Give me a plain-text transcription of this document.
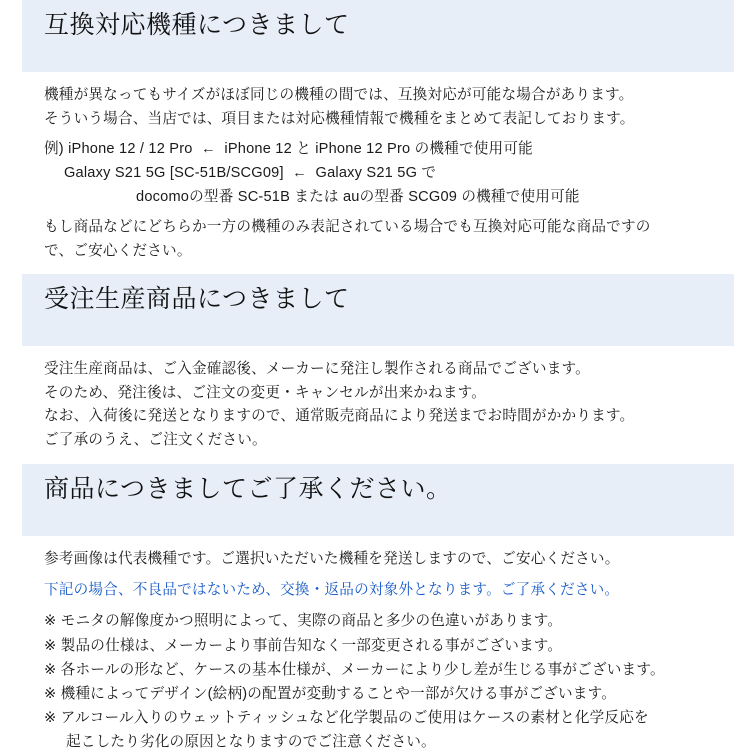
互換対応機種につきまして

機種が異なってもサイズがほぼ同じの機種の間では、互換対応が可能な場合があります。

そういう場合、当店では、項目または対応機種情報で機種をまとめて表記しております。

例) iPhone 12 / 12 Pro  ←  iPhone 12 と iPhone 12 Pro の機種で使用可能

Galaxy S21 5G [SC-51B/SCG09]  ←  Galaxy S21 5G で

docomoの型番 SC-51B または auの型番 SCG09 の機種で使用可能

もし商品などにどちらか一方の機種のみ表記されている場合でも互換対応可能な商品ですの

で、ご安心ください。

受注生産商品につきまして

受注生産商品は、ご入金確認後、メーカーに発注し製作される商品でございます。

そのため、発注後は、ご注文の変更・キャンセルが出来かねます。

なお、入荷後に発送となりますので、通常販売商品により発送までお時間がかかります。

ご了承のうえ、ご注文ください。

商品につきましてご了承ください。

参考画像は代表機種です。ご選択いただいた機種を発送しますので、ご安心ください。

下記の場合、不良品ではないため、交換・返品の対象外となります。ご了承ください。

※ モニタの解像度かつ照明によって、実際の商品と多少の色違いがあります。

※ 製品の仕様は、メーカーより事前告知なく一部変更される事がございます。

※ 各ホールの形など、ケースの基本仕様が、メーカーにより少し差が生じる事がございます。

※ 機種によってデザイン(絵柄)の配置が変動することや一部が欠ける事がございます。

※ アルコール入りのウェットティッシュなど化学製品のご使用はケースの素材と化学反応を

起こしたり劣化の原因となりますのでご注意ください。
